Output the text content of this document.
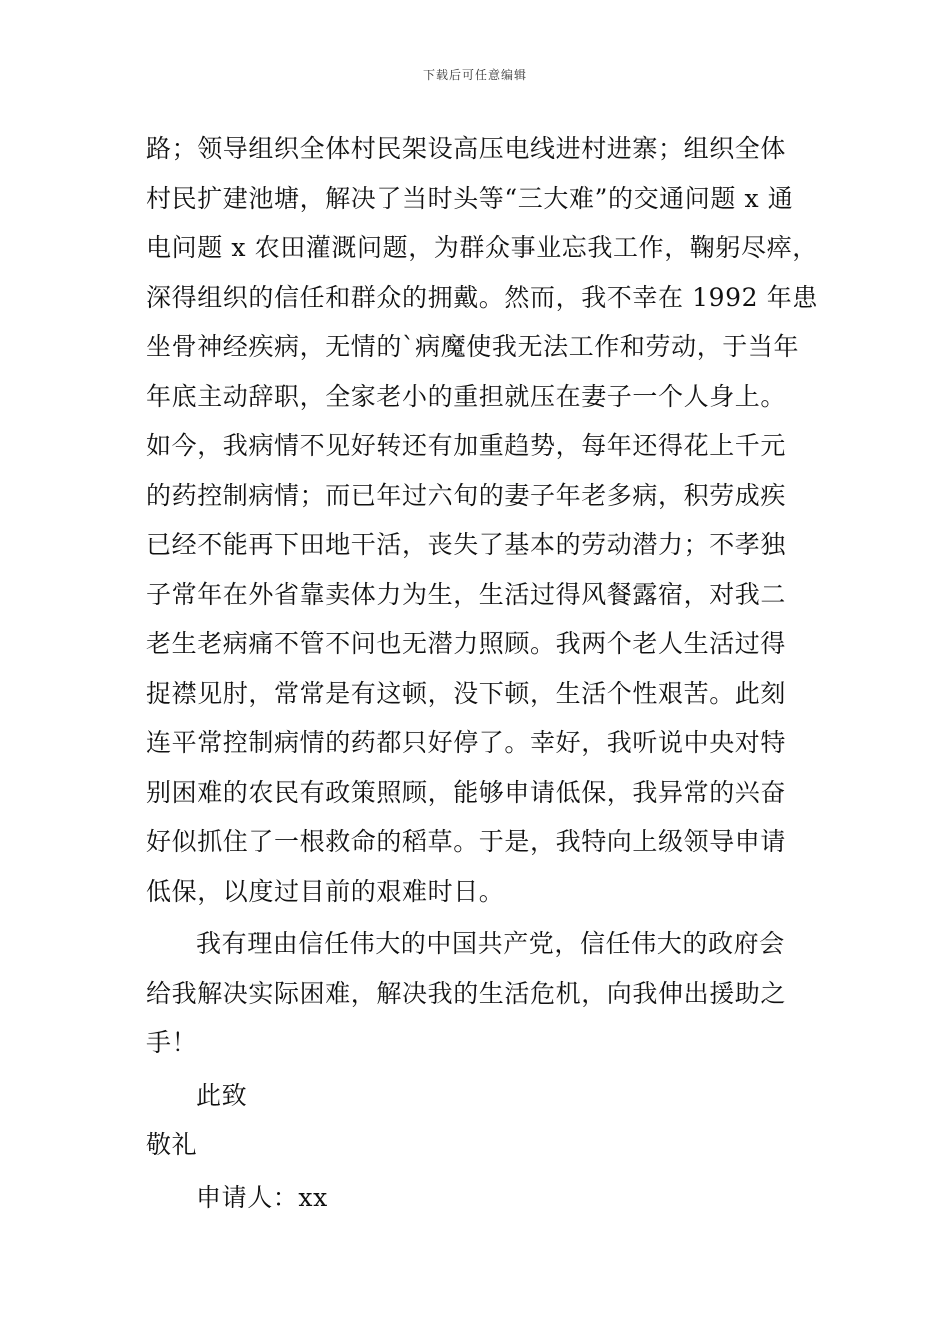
下载后可任意编辑
路；领导组织全体村民架设高压电线进村进寨；组织全体
村民扩建池塘，解决了当时头等“三大难”的交通问题 x 通
电问题 x 农田灌溉问题，为群众事业忘我工作，鞠躬尽瘁，
深得组织的信任和群众的拥戴。然而，我不幸在 1992 年患
坐骨神经疾病，无情的`病魔使我无法工作和劳动，于当年
年底主动辞职，全家老小的重担就压在妻子一个人身上。
如今，我病情不见好转还有加重趋势，每年还得花上千元
的药控制病情；而已年过六旬的妻子年老多病，积劳成疾
已经不能再下田地干活，丧失了基本的劳动潜力；不孝独
子常年在外省靠卖体力为生，生活过得风餐露宿，对我二
老生老病痛不管不问也无潜力照顾。我两个老人生活过得
捉襟见肘，常常是有这顿，没下顿，生活个性艰苦。此刻
连平常控制病情的药都只好停了。幸好，我听说中央对特
别困难的农民有政策照顾，能够申请低保，我异常的兴奋
好似抓住了一根救命的稻草。于是，我特向上级领导申请
低保，以度过目前的艰难时日。
我有理由信任伟大的中国共产党，信任伟大的政府会
给我解决实际困难，解决我的生活危机，向我伸出援助之
手！
此致
敬礼
申请人：xx
